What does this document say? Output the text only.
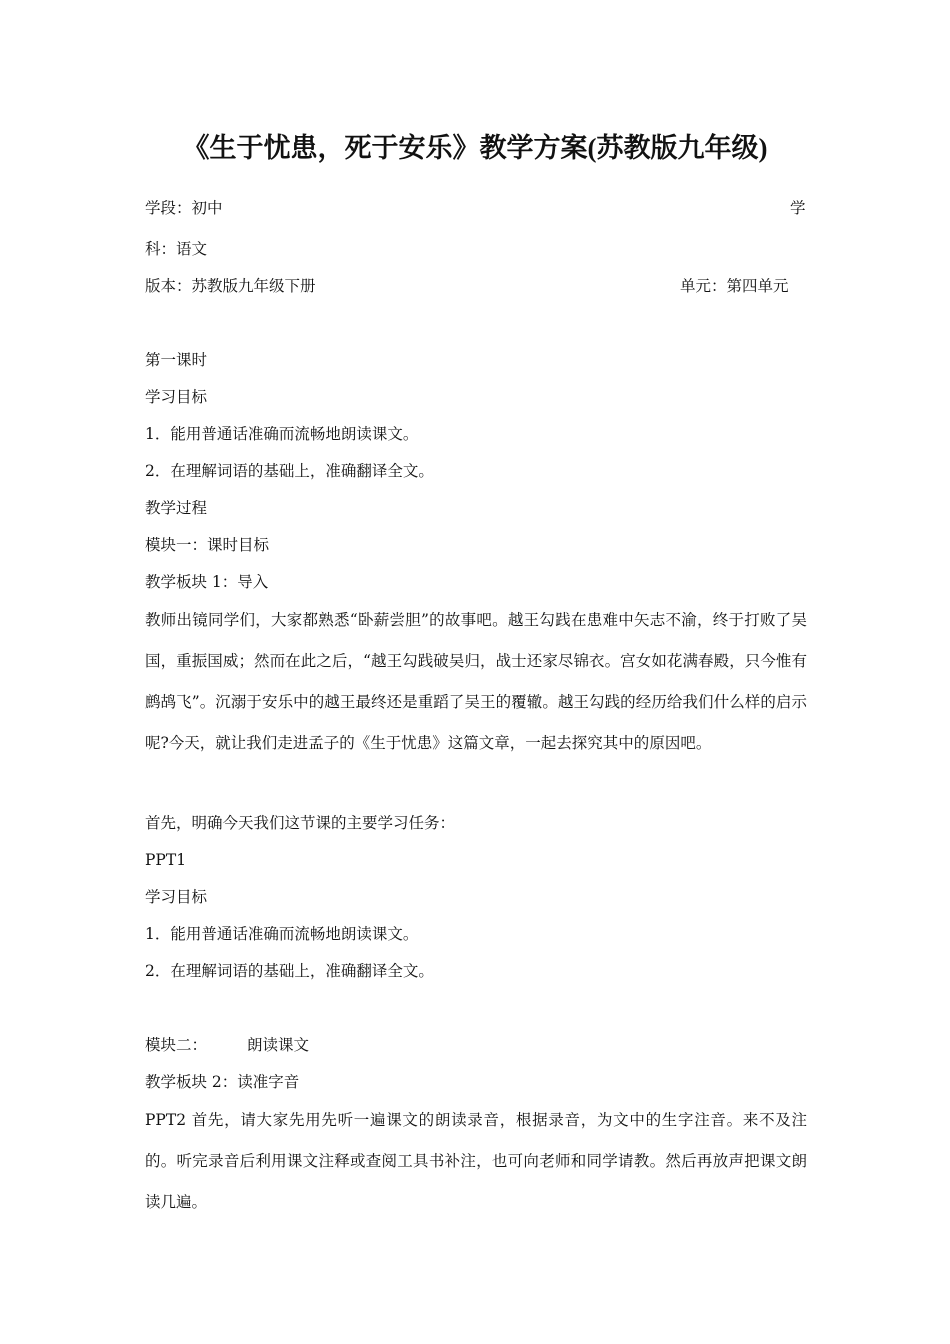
《生于忧患，死于安乐》教学方案(苏教版九年级)
学段：初中	学
科：语文
版本：苏教版九年级下册	单元：第四单元
第一课时
学习目标
1．能用普通话准确而流畅地朗读课文。
2．在理解词语的基础上，准确翻译全文。
教学过程
模块一：课时目标
教学板块 1：导入
教师出镜同学们，大家都熟悉“卧薪尝胆”的故事吧。越王勾践在患难中矢志不渝，终于打败了吴国，重振国威；然而在此之后，“越王勾践破吴归，战士还家尽锦衣。宫女如花满春殿，只今惟有鹧鸪飞”。沉溺于安乐中的越王最终还是重蹈了吴王的覆辙。越王勾践的经历给我们什么样的启示呢?今天，就让我们走进孟子的《生于忧患》这篇文章，一起去探究其中的原因吧。
首先，明确今天我们这节课的主要学习任务：
PPT1
学习目标
1．能用普通话准确而流畅地朗读课文。
2．在理解词语的基础上，准确翻译全文。
模块二：	朗读课文
教学板块 2：读准字音
PPT2 首先，请大家先用先听一遍课文的朗读录音，根据录音，为文中的生字注音。来不及注的。听完录音后利用课文注释或查阅工具书补注，也可向老师和同学请教。然后再放声把课文朗读几遍。
